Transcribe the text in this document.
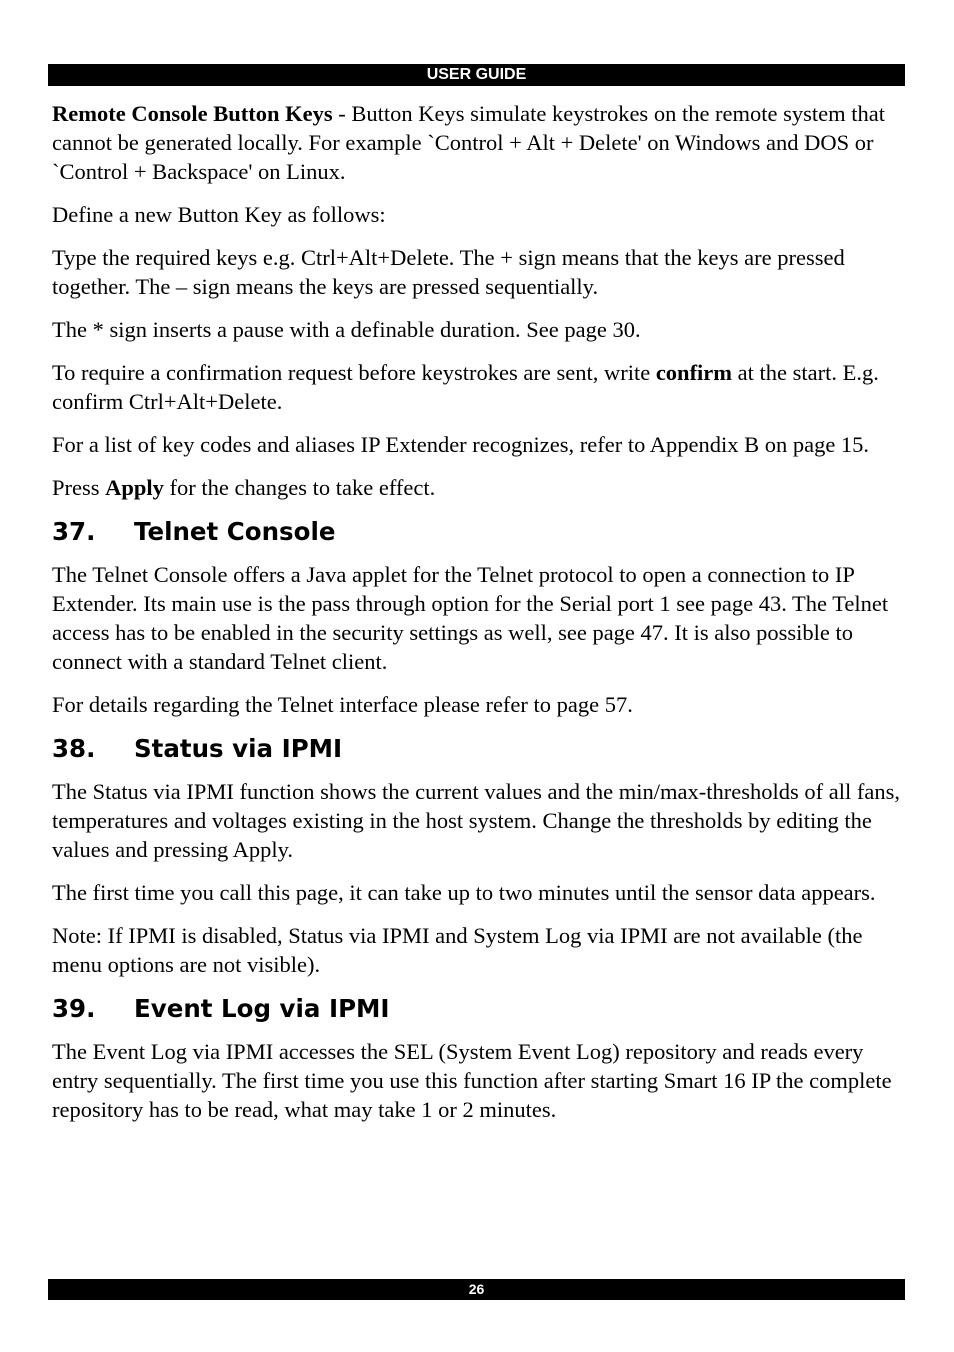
USER GUIDE

Remote Console Button Keys - Button Keys simulate keystrokes on the remote system that cannot be generated locally. For example `Control + Alt + Delete' on Windows and DOS or `Control + Backspace' on Linux.

Define a new Button Key as follows:

Type the required keys e.g. Ctrl+Alt+Delete. The + sign means that the keys are pressed together. The – sign means the keys are pressed sequentially.

The * sign inserts a pause with a definable duration. See page 30.

To require a confirmation request before keystrokes are sent, write confirm at the start. E.g. confirm Ctrl+Alt+Delete.

For a list of key codes and aliases IP Extender recognizes, refer to Appendix B on page 15.

Press Apply for the changes to take effect.

37. Telnet Console

The Telnet Console offers a Java applet for the Telnet protocol to open a connection to IP Extender. Its main use is the pass through option for the Serial port 1 see page 43. The Telnet access has to be enabled in the security settings as well, see page 47. It is also possible to connect with a standard Telnet client.

For details regarding the Telnet interface please refer to page 57.

38. Status via IPMI

The Status via IPMI function shows the current values and the min/max-thresholds of all fans, temperatures and voltages existing in the host system. Change the thresholds by editing the values and pressing Apply.

The first time you call this page, it can take up to two minutes until the sensor data appears.

Note: If IPMI is disabled, Status via IPMI and System Log via IPMI are not available (the menu options are not visible).

39. Event Log via IPMI

The Event Log via IPMI accesses the SEL (System Event Log) repository and reads every entry sequentially. The first time you use this function after starting Smart 16 IP the complete repository has to be read, what may take 1 or 2 minutes.

26
